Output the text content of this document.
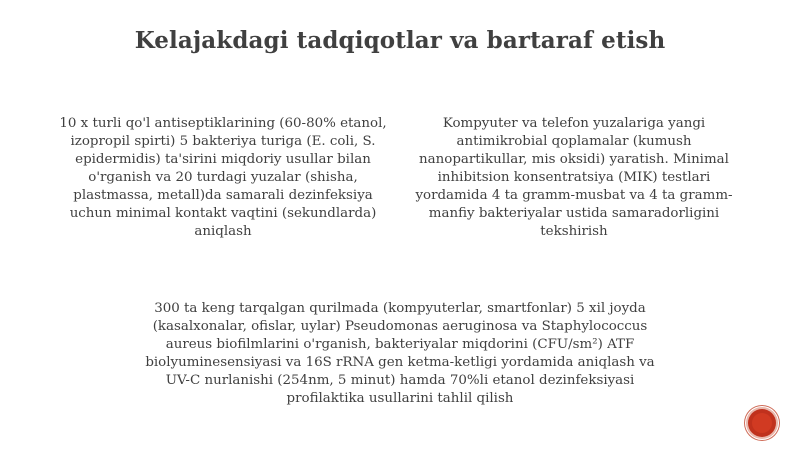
Kelajakdagi tadqiqotlar va bartaraf etish
10 x turli qo'l antiseptiklarining (60-80% etanol, izopropil spirti) 5 bakteriya turiga (E. coli, S. epidermidis) ta'sirini miqdoriy usullar bilan o'rganish va 20 turdagi yuzalar (shisha, plastmassa, metall)da samarali dezinfeksiya uchun minimal kontakt vaqtini (sekundlarda) aniqlash
Kompyuter va telefon yuzalariga yangi antimikrobial qoplamalar (kumush nanopartikullar, mis oksidi) yaratish. Minimal inhibitsion konsentratsiya (MIK) testlari yordamida 4 ta gramm-musbat va 4 ta gramm-manfiy bakteriyalar ustida samaradorligini tekshirish
300 ta keng tarqalgan qurilmada (kompyuterlar, smartfonlar) 5 xil joyda (kasalxonalar, ofislar, uylar) Pseudomonas aeruginosa va Staphylococcus aureus biofilmlarini o'rganish, bakteriyalar miqdorini (CFU/sm²) ATF biolyuminesensiyasi va 16S rRNA gen ketma-ketligi yordamida aniqlash va UV-C nurlanishi (254nm, 5 minut) hamda 70%li etanol dezinfeksiyasi profilaktika usullarini tahlil qilish
